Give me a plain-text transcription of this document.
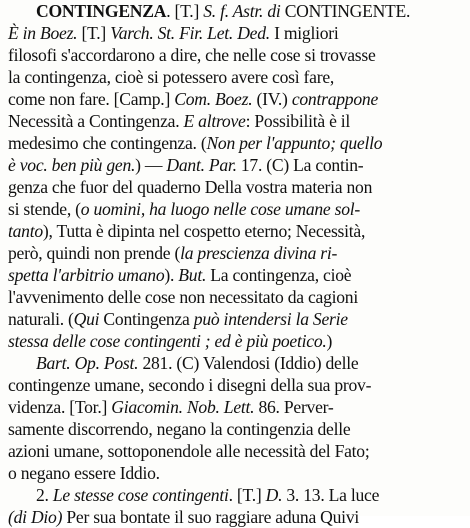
CONTINGENZA. [T.] S. f. Astr. di CONTINGENTE.
È in Boez. [T.] Varch. St. Fir. Let. Ded. I migliori
filosofi s'accordarono a dire, che nelle cose si trovasse
la contingenza, cioè si potessero avere così fare,
come non fare. [Camp.] Com. Boez. (IV.) contrappone
Necessità a Contingenza. E altrove: Possibilità è il
medesimo che contingenza. (Non per l'appunto; quello
è voc. ben più gen.) — Dant. Par. 17. (C) La contin-
genza che fuor del quaderno Della vostra materia non
si stende, (o uomini, ha luogo nelle cose umane sol-
tanto), Tutta è dipinta nel cospetto eterno; Necessità,
però, quindi non prende (la prescienza divina ri-
spetta l'arbitrio umano). But. La contingenza, cioè
l'avvenimento delle cose non necessitato da cagioni
naturali. (Qui Contingenza può intendersi la Serie
stessa delle cose contingenti ; ed è più poetico.)
Bart. Op. Post. 281. (C) Valendosi (Iddio) delle
contingenze umane, secondo i disegni della sua prov-
videnza. [Tor.] Giacomin. Nob. Lett. 86. Perver-
samente discorrendo, negano la contingenzia delle
azioni umane, sottoponendole alle necessità del Fato;
o negano essere Iddio.
2. Le stesse cose contingenti. [T.] D. 3. 13. La luce
(di Dio) Per sua bontate il suo raggiare aduna Quivi
